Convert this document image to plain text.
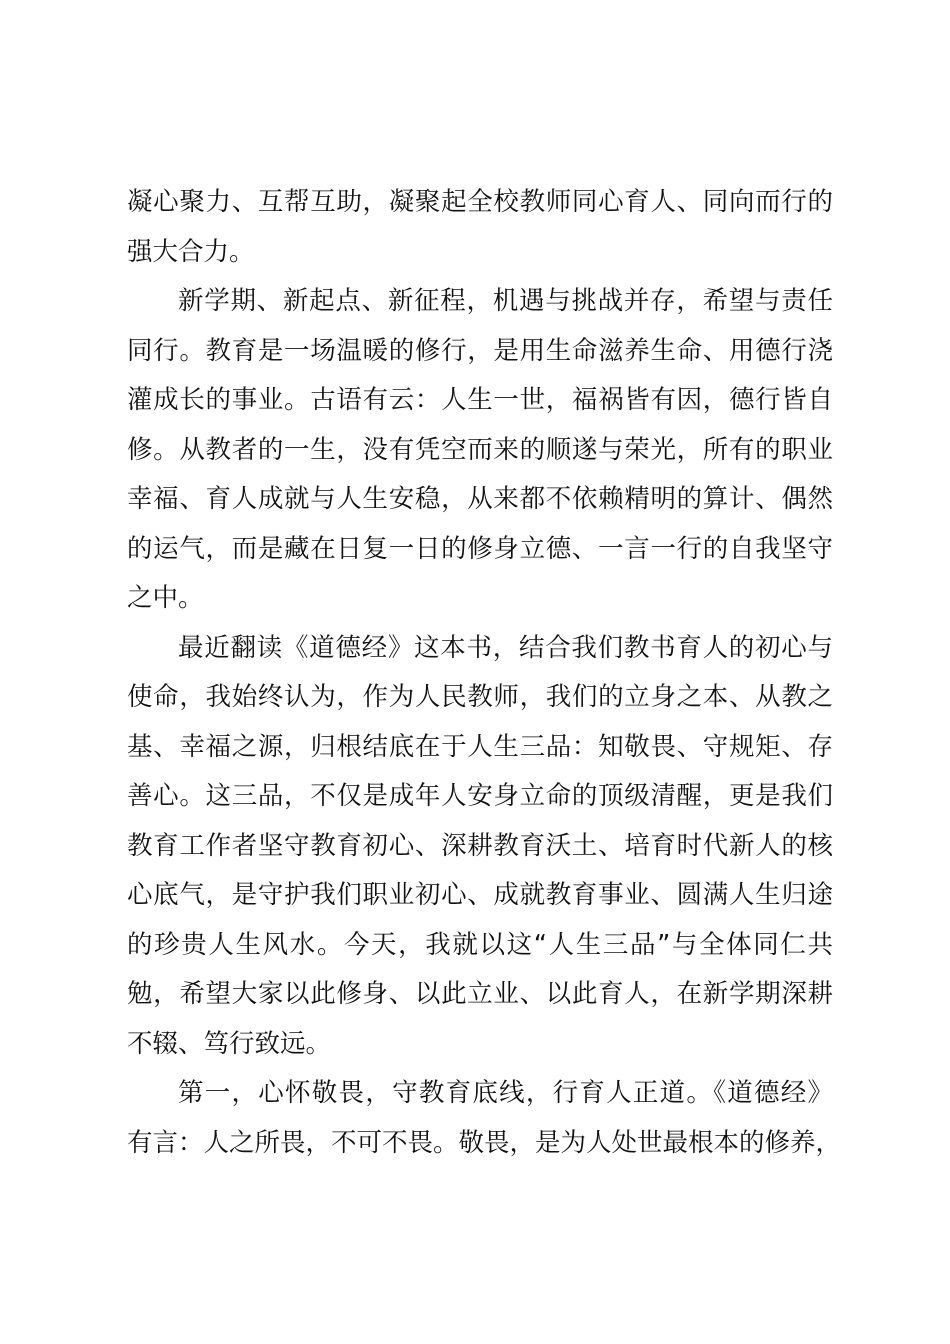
凝心聚力、互帮互助，凝聚起全校教师同心育人、同向而行的
强大合力。
新学期、新起点、新征程，机遇与挑战并存，希望与责任
同行。教育是一场温暖的修行，是用生命滋养生命、用德行浇
灌成长的事业。古语有云：人生一世，福祸皆有因，德行皆自
修。从教者的一生，没有凭空而来的顺遂与荣光，所有的职业
幸福、育人成就与人生安稳，从来都不依赖精明的算计、偶然
的运气，而是藏在日复一日的修身立德、一言一行的自我坚守
之中。
最近翻读《道德经》这本书，结合我们教书育人的初心与
使命，我始终认为，作为人民教师，我们的立身之本、从教之
基、幸福之源，归根结底在于人生三品：知敬畏、守规矩、存
善心。这三品，不仅是成年人安身立命的顶级清醒，更是我们
教育工作者坚守教育初心、深耕教育沃土、培育时代新人的核
心底气，是守护我们职业初心、成就教育事业、圆满人生归途
的珍贵人生风水。今天，我就以这“人生三品”与全体同仁共
勉，希望大家以此修身、以此立业、以此育人，在新学期深耕
不辍、笃行致远。
第一，心怀敬畏，守教育底线，行育人正道。《道德经》
有言：人之所畏，不可不畏。敬畏，是为人处世最根本的修养，
